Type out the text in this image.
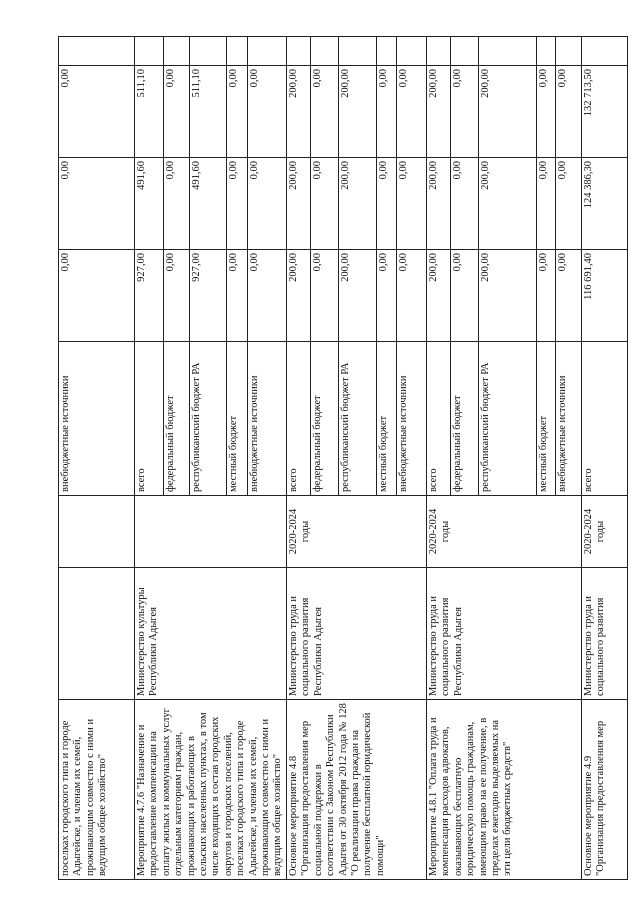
поселках городского типа и городе Адыгейске, и членам их семей, проживающим совместно с ними и ведущим общее хозяйство"			внебюджетные источники	0,00	0,00	0,00	
Мероприятие 4.7.6 "Назначение и предоставление компенсации на оплату жилых и коммунальных услуг отдельным категориям граждан, проживающих и работающих в сельских населенных пунктах, в том числе входящих в состав городских округов и городских поселений, поселках городского типа и городе Адыгейске, и членам их семей, проживающим совместно с ними и ведущим общее хозяйство"	Министерство культуры Республики Адыгея		всего	927,00	491,60	511,10	
			федеральный бюджет	0,00	0,00	0,00	
			республиканский бюджет РА	927,00	491,60	511,10	
			местный бюджет	0,00	0,00	0,00	
			внебюджетные источники	0,00	0,00	0,00	
Основное мероприятие 4.8 "Организация предоставления мер социальной поддержки в соответствии с Законом Республики Адыгея от 30 октября 2012 года № 128 "О реализации права граждан на получение бесплатной юридической помощи"	Министерство труда и социального развития Республики Адыгея	2020-2024 годы	всего	200,00	200,00	200,00	
			федеральный бюджет	0,00	0,00	0,00	
			республиканский бюджет РА	200,00	200,00	200,00	
			местный бюджет	0,00	0,00	0,00	
			внебюджетные источники	0,00	0,00	0,00	
Мероприятие 4.8.1 "Оплата труда и компенсация расходов адвокатов, оказывающих бесплатную юридическую помощь гражданам, имеющим право на ее получение, в пределах ежегодно выделяемых на эти цели бюджетных средств"	Министерство труда и социального развития Республики Адыгея	2020-2024 годы	всего	200,00	200,00	200,00	
			федеральный бюджет	0,00	0,00	0,00	
			республиканский бюджет РА	200,00	200,00	200,00	
			местный бюджет	0,00	0,00	0,00	
			внебюджетные источники	0,00	0,00	0,00	
Основное мероприятие 4.9 "Организация предоставления мер	Министерство труда и социального развития	2020-2024 годы	всего	116 691,40	124 386,30	132 713,50	
